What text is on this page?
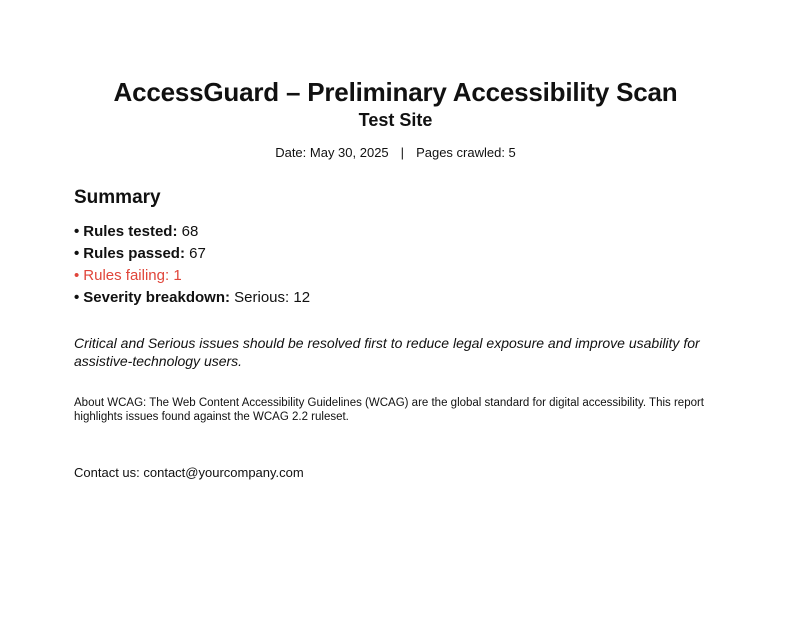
AccessGuard – Preliminary Accessibility Scan
Test Site
Date: May 30, 2025 | Pages crawled: 5
Summary
• Rules tested: 68
• Rules passed: 67
• Rules failing: 1
• Severity breakdown: Serious: 12

Critical and Serious issues should be resolved first to reduce legal exposure and improve usability for assistive-technology users.

About WCAG: The Web Content Accessibility Guidelines (WCAG) are the global standard for digital accessibility. This report highlights issues found against the WCAG 2.2 ruleset.

Contact us: contact@yourcompany.com
